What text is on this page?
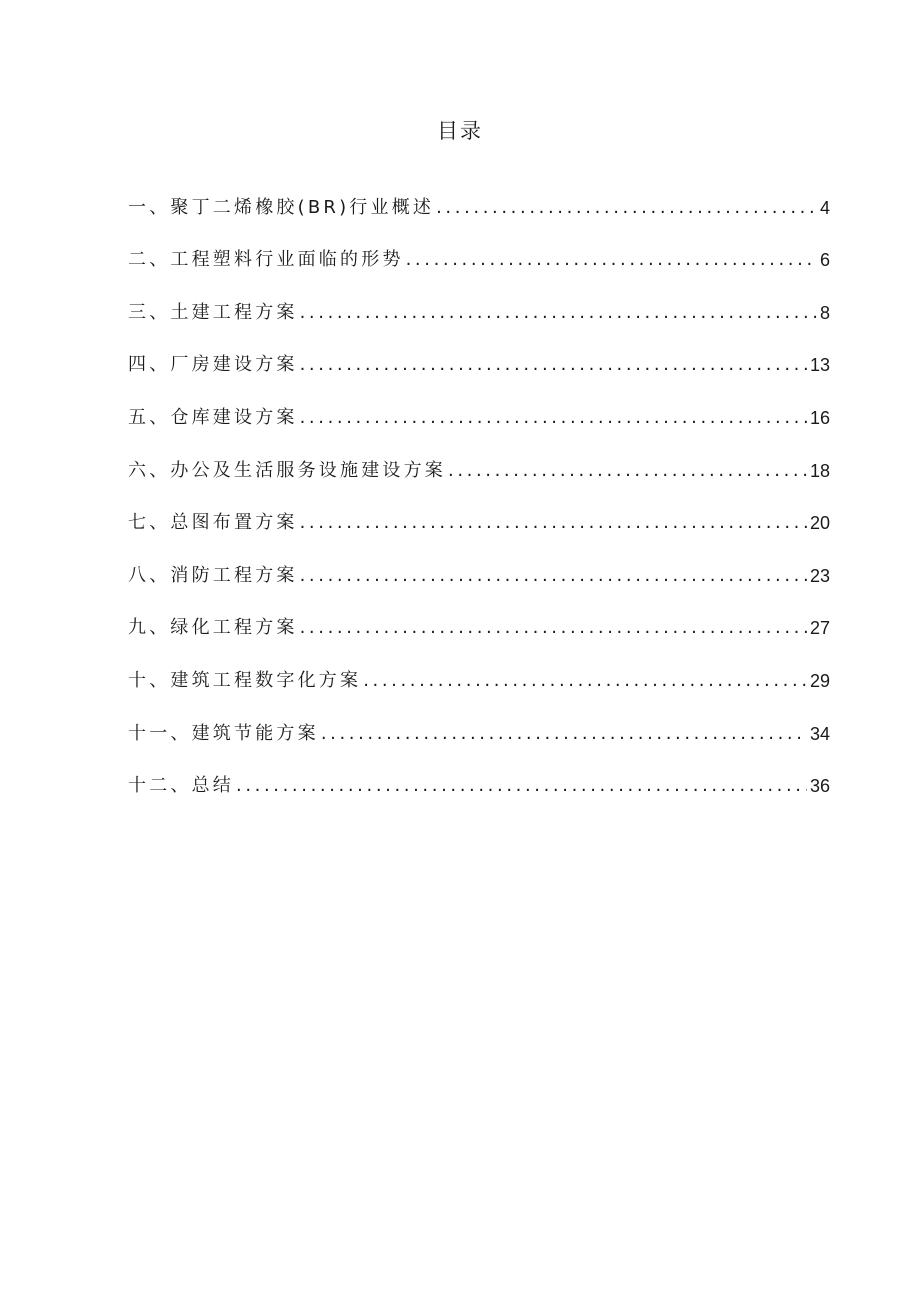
目录
一、聚丁二烯橡胶(BR)行业概述 .....	4
二、工程塑料行业面临的形势 .....	6
三、土建工程方案 .....	8
四、厂房建设方案 .....	13
五、仓库建设方案 .....	16
六、办公及生活服务设施建设方案 .....	18
七、总图布置方案 .....	20
八、消防工程方案 .....	23
九、绿化工程方案 .....	27
十、建筑工程数字化方案 .....	29
十一、建筑节能方案 .....	34
十二、总结 .....	36
